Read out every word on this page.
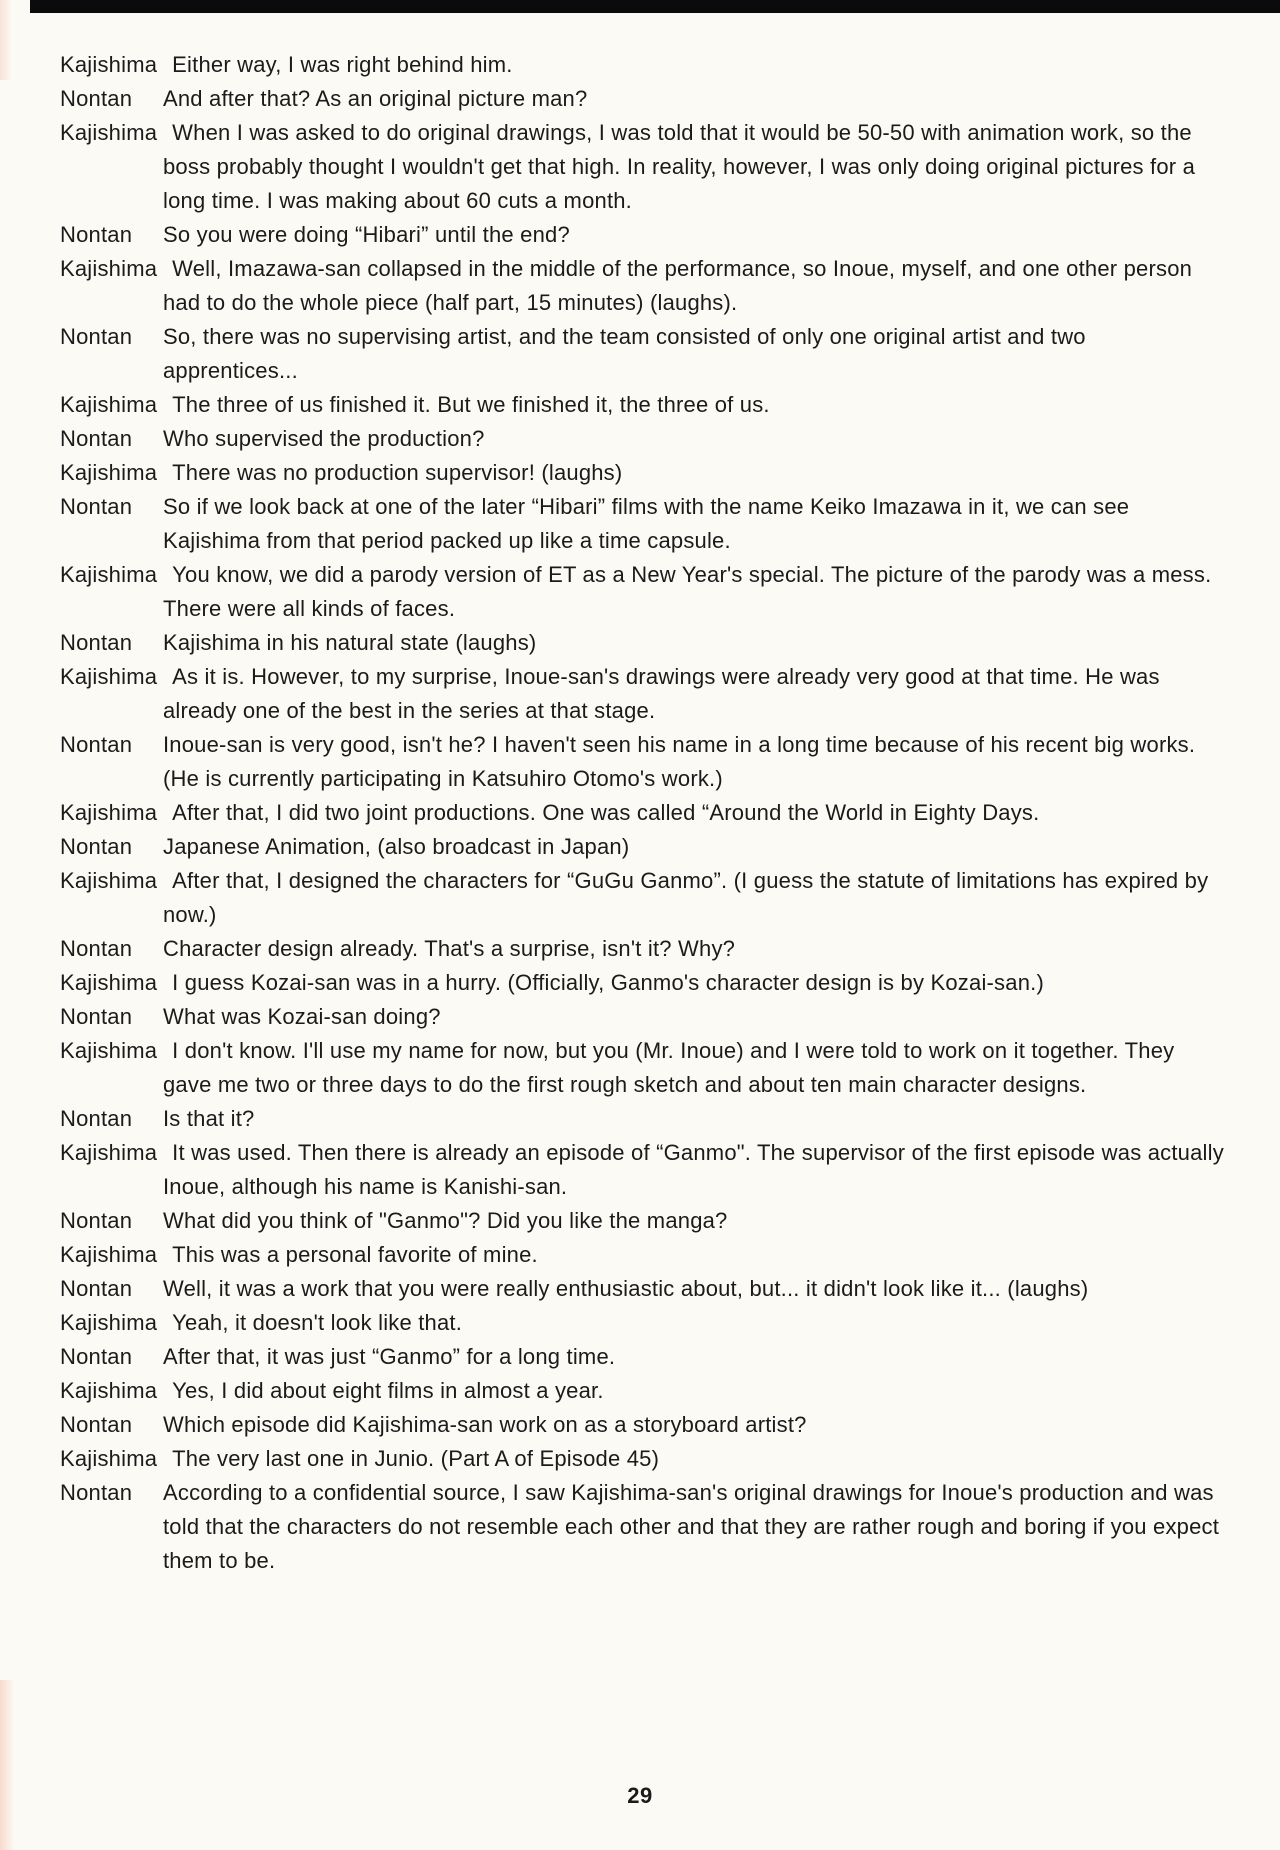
Kajishima Either way, I was right behind him.
Nontan And after that? As an original picture man?
Kajishima When I was asked to do original drawings, I was told that it would be 50-50 with animation work, so the boss probably thought I wouldn't get that high. In reality, however, I was only doing original pictures for a long time. I was making about 60 cuts a month.
Nontan So you were doing “Hibari” until the end?
Kajishima Well, Imazawa-san collapsed in the middle of the performance, so Inoue, myself, and one other person had to do the whole piece (half part, 15 minutes) (laughs).
Nontan So, there was no supervising artist, and the team consisted of only one original artist and two apprentices...
Kajishima The three of us finished it. But we finished it, the three of us.
Nontan Who supervised the production?
Kajishima There was no production supervisor! (laughs)
Nontan So if we look back at one of the later “Hibari” films with the name Keiko Imazawa in it, we can see Kajishima from that period packed up like a time capsule.
Kajishima You know, we did a parody version of ET as a New Year's special. The picture of the parody was a mess. There were all kinds of faces.
Nontan Kajishima in his natural state (laughs)
Kajishima As it is. However, to my surprise, Inoue-san's drawings were already very good at that time. He was already one of the best in the series at that stage.
Nontan Inoue-san is very good, isn't he? I haven't seen his name in a long time because of his recent big works. (He is currently participating in Katsuhiro Otomo's work.)
Kajishima After that, I did two joint productions. One was called “Around the World in Eighty Days.
Nontan Japanese Animation, (also broadcast in Japan)
Kajishima After that, I designed the characters for “GuGu Ganmo”. (I guess the statute of limitations has expired by now.)
Nontan Character design already. That's a surprise, isn't it? Why?
Kajishima I guess Kozai-san was in a hurry. (Officially, Ganmo's character design is by Kozai-san.)
Nontan What was Kozai-san doing?
Kajishima I don't know. I'll use my name for now, but you (Mr. Inoue) and I were told to work on it together. They gave me two or three days to do the first rough sketch and about ten main character designs.
Nontan Is that it?
Kajishima It was used. Then there is already an episode of “Ganmo". The supervisor of the first episode was actually Inoue, although his name is Kanishi-san.
Nontan What did you think of "Ganmo"? Did you like the manga?
Kajishima This was a personal favorite of mine.
Nontan Well, it was a work that you were really enthusiastic about, but... it didn't look like it... (laughs)
Kajishima Yeah, it doesn't look like that.
Nontan After that, it was just “Ganmo” for a long time.
Kajishima Yes, I did about eight films in almost a year.
Nontan Which episode did Kajishima-san work on as a storyboard artist?
Kajishima The very last one in Junio. (Part A of Episode 45)
Nontan According to a confidential source, I saw Kajishima-san's original drawings for Inoue's production and was told that the characters do not resemble each other and that they are rather rough and boring if you expect them to be.
29
